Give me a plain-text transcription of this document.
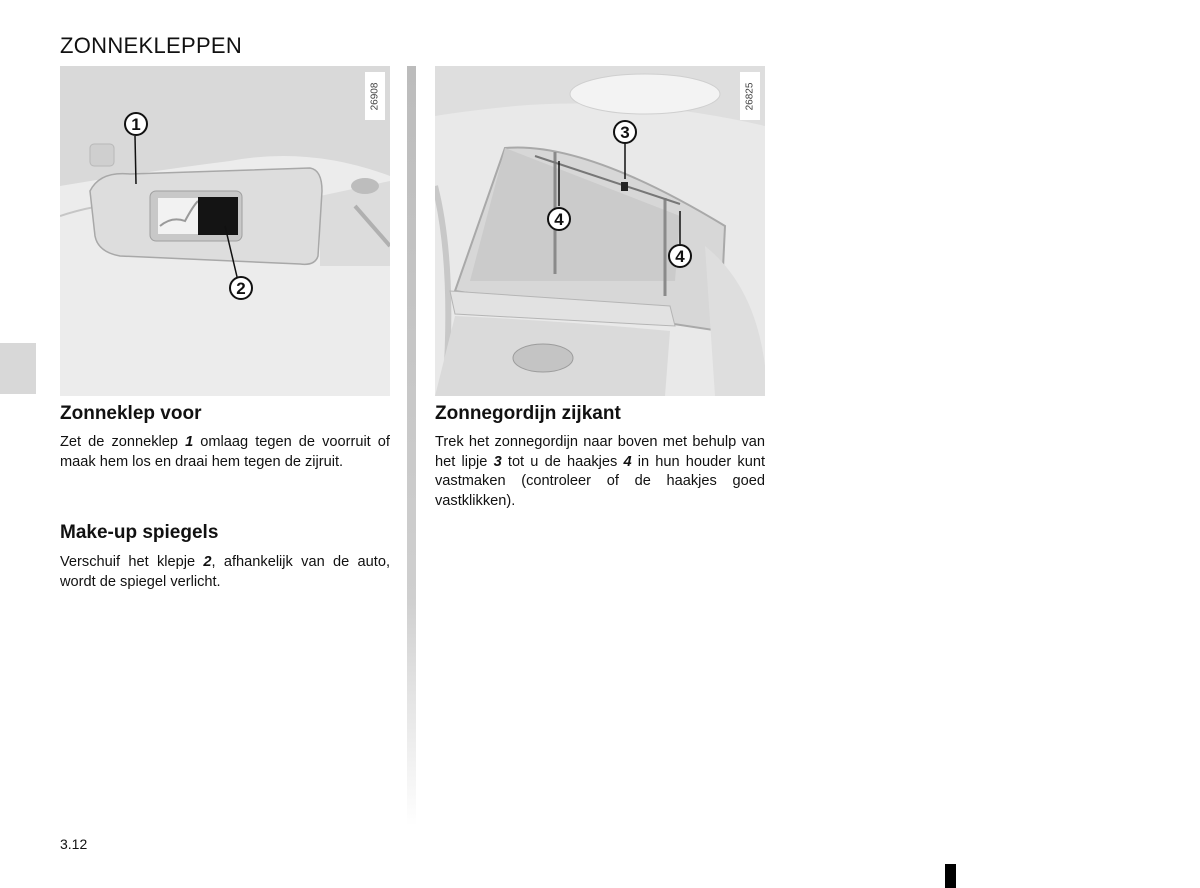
ZONNEKLEPPEN
26908
1
2
26825
3
4
4
Zonneklep voor

Zet de zonneklep 1 omlaag tegen de voorruit of maak hem los en draai hem tegen de zijruit.

Make-up spiegels

Verschuif het klepje 2, afhankelijk van de auto, wordt de spiegel verlicht.

Zonnegordijn zijkant

Trek het zonnegordijn naar boven met behulp van het lipje 3 tot u de haakjes 4 in hun houder kunt vastmaken (controleer of de haakjes goed vastklikken).

3.12
